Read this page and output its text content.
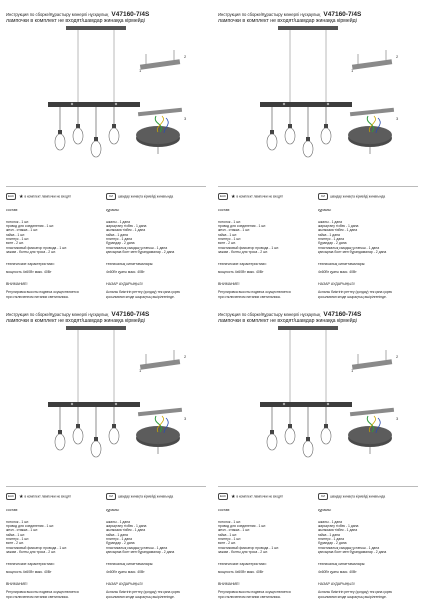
Инструкция по сборке/Құрастыру мәнерлі нұсқаулық V47160-7/4S
лампочки в комплект не входят/шамдар жинаққа кірмейді
2
1
3
ЕАС ★в комплект лампочки не входят	KZ шамдар жинақта кірмейді жинағында

состав:

потолок - 1 шт.
провод для соединения - 1 шт.
жезл - стяжка - 1 шт.
гайка - 1 шт.
плинтус - 1 шт.
винт - 2 шт.
пластиковый фиксатор провода - 1 шт.
зажим - болты для троса - 2 шт.

технические характеристики:

мощность 4х60Вт макс. 40Вт

ВНИМАНИЕ!

Регулировка высоты подвеса осуществляется
при отключенном питании светильника.

құрамы:

шкалы - 1 дана
жарықтану тізбек - 1 дана
жылжыма тізбек - 1 дана
гайка - 1 дана
плинтус - 1 дана
бұрандар - 2 дана
пластикалық сымдық ұстағыш - 1 дана
қапсырма болт мен бұрандамалар - 2 дана

техникалық сипаттамалары:

4х60Вт қуаты макс. 40Вт

НАЗАР АУДАРЫҢЫЗ!

Аспалы биіктігін реттеу (қолдау) тек қана қорек
қосылмаған кезде шырақтың өшірілгенінде.

Инструкция по сборке/Құрастыру мәнерлі нұсқаулық V47160-7/4S
лампочки в комплект не входят/шамдар жинаққа кірмейді
2
1
3
ЕАС ★в комплект лампочки не входят	KZ шамдар жинақта кірмейді жинағында

состав:

потолок - 1 шт.
провод для соединения - 1 шт.
жезл - стяжка - 1 шт.
гайка - 1 шт.
плинтус - 1 шт.
винт - 2 шт.
пластиковый фиксатор провода - 1 шт.
зажим - болты для троса - 2 шт.

технические характеристики:

мощность 4х60Вт макс. 40Вт

ВНИМАНИЕ!

Регулировка высоты подвеса осуществляется
при отключенном питании светильника.

құрамы:

шкалы - 1 дана
жарықтану тізбек - 1 дана
жылжыма тізбек - 1 дана
гайка - 1 дана
плинтус - 1 дана
бұрандар - 2 дана
пластикалық сымдық ұстағыш - 1 дана
қапсырма болт мен бұрандамалар - 2 дана

техникалық сипаттамалары:

4х60Вт қуаты макс. 40Вт

НАЗАР АУДАРЫҢЫЗ!

Аспалы биіктігін реттеу (қолдау) тек қана қорек
қосылмаған кезде шырақтың өшірілгенінде.

Инструкция по сборке/Құрастыру мәнерлі нұсқаулық V47160-7/4S
лампочки в комплект не входят/шамдар жинаққа кірмейді
2
1
3
ЕАС ★в комплект лампочки не входят	KZ шамдар жинақта кірмейді жинағында

состав:

потолок - 1 шт.
провод для соединения - 1 шт.
жезл - стяжка - 1 шт.
гайка - 1 шт.
плинтус - 1 шт.
винт - 2 шт.
пластиковый фиксатор провода - 1 шт.
зажим - болты для троса - 2 шт.

технические характеристики:

мощность 4х60Вт макс. 40Вт

ВНИМАНИЕ!

Регулировка высоты подвеса осуществляется
при отключенном питании светильника.

құрамы:

шкалы - 1 дана
жарықтану тізбек - 1 дана
жылжыма тізбек - 1 дана
гайка - 1 дана
плинтус - 1 дана
бұрандар - 2 дана
пластикалық сымдық ұстағыш - 1 дана
қапсырма болт мен бұрандамалар - 2 дана

техникалық сипаттамалары:

4х60Вт қуаты макс. 40Вт

НАЗАР АУДАРЫҢЫЗ!

Аспалы биіктігін реттеу (қолдау) тек қана қорек
қосылмаған кезде шырақтың өшірілгенінде.

Инструкция по сборке/Құрастыру мәнерлі нұсқаулық V47160-7/4S
лампочки в комплект не входят/шамдар жинаққа кірмейді
2
1
3
ЕАС ★в комплект лампочки не входят	KZ шамдар жинақта кірмейді жинағында

состав:

потолок - 1 шт.
провод для соединения - 1 шт.
жезл - стяжка - 1 шт.
гайка - 1 шт.
плинтус - 1 шт.
винт - 2 шт.
пластиковый фиксатор провода - 1 шт.
зажим - болты для троса - 2 шт.

технические характеристики:

мощность 4х60Вт макс. 40Вт

ВНИМАНИЕ!

Регулировка высоты подвеса осуществляется
при отключенном питании светильника.

құрамы:

шкалы - 1 дана
жарықтану тізбек - 1 дана
жылжыма тізбек - 1 дана
гайка - 1 дана
плинтус - 1 дана
бұрандар - 2 дана
пластикалық сымдық ұстағыш - 1 дана
қапсырма болт мен бұрандамалар - 2 дана

техникалық сипаттамалары:

4х60Вт қуаты макс. 40Вт

НАЗАР АУДАРЫҢЫЗ!

Аспалы биіктігін реттеу (қолдау) тек қана қорек
қосылмаған кезде шырақтың өшірілгенінде.
